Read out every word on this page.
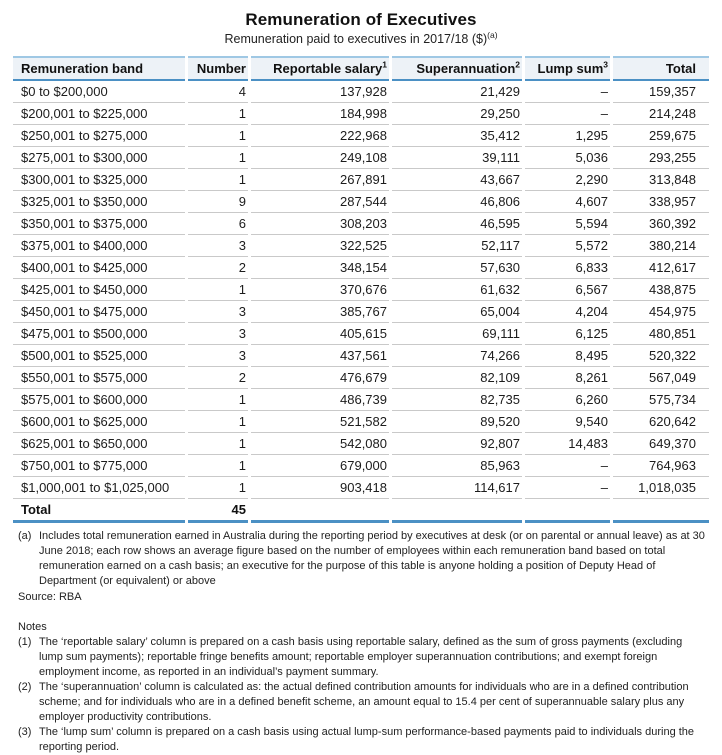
Remuneration of Executives
Remuneration paid to executives in 2017/18 ($)$^{(a)}$
Remuneration band	Number	Reportable salary$^1$	Superannuation$^2$	Lump sum$^3$	Total
$0 to $200,000	4	137,928	21,429	–	159,357
$200,001 to $225,000	1	184,998	29,250	–	214,248
$250,001 to $275,000	1	222,968	35,412	1,295	259,675
$275,001 to $300,000	1	249,108	39,111	5,036	293,255
$300,001 to $325,000	1	267,891	43,667	2,290	313,848
$325,001 to $350,000	9	287,544	46,806	4,607	338,957
$350,001 to $375,000	6	308,203	46,595	5,594	360,392
$375,001 to $400,000	3	322,525	52,117	5,572	380,214
$400,001 to $425,000	2	348,154	57,630	6,833	412,617
$425,001 to $450,000	1	370,676	61,632	6,567	438,875
$450,001 to $475,000	3	385,767	65,004	4,204	454,975
$475,001 to $500,000	3	405,615	69,111	6,125	480,851
$500,001 to $525,000	3	437,561	74,266	8,495	520,322
$550,001 to $575,000	2	476,679	82,109	8,261	567,049
$575,001 to $600,000	1	486,739	82,735	6,260	575,734
$600,001 to $625,000	1	521,582	89,520	9,540	620,642
$625,001 to $650,000	1	542,080	92,807	14,483	649,370
$750,001 to $775,000	1	679,000	85,963	–	764,963
$1,000,001 to $1,025,000	1	903,418	114,617	–	1,018,035
Total	45				
(a) Includes total remuneration earned in Australia during the reporting period by executives at desk (or on parental or annual leave) as at 30 June 2018; each row shows an average figure based on the number of employees within each remuneration band based on total remuneration earned on a cash basis; an executive for the purpose of this table is anyone holding a position of Deputy Head of Department (or equivalent) or above
Source: RBA
Notes
(1) The ‘reportable salary’ column is prepared on a cash basis using reportable salary, defined as the sum of gross payments (excluding lump sum payments); reportable fringe benefits amount; reportable employer superannuation contributions; and exempt foreign employment income, as reported in an individual’s payment summary.
(2) The ‘superannuation’ column is calculated as: the actual defined contribution amounts for individuals who are in a defined contribution scheme; and for individuals who are in a defined benefit scheme, an amount equal to 15.4 per cent of superannuable salary plus any employer productivity contributions.
(3) The ‘lump sum’ column is prepared on a cash basis using actual lump-sum performance-based payments paid to individuals during the reporting period.
